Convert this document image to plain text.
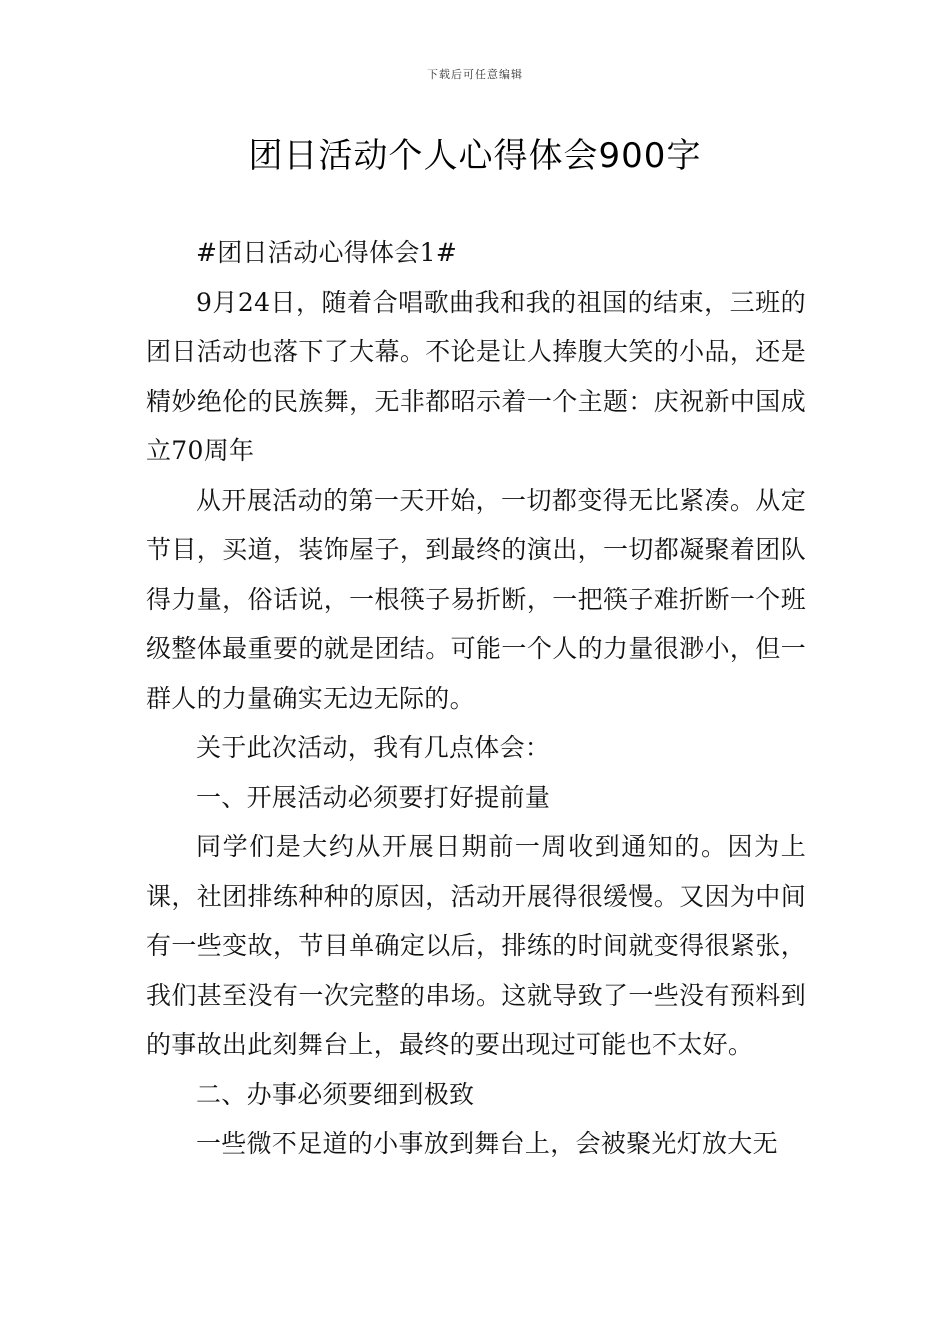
下载后可任意编辑
团日活动个人心得体会900字

#团日活动心得体会1#

9月24日，随着合唱歌曲我和我的祖国的结束，三班的团日活动也落下了大幕。不论是让人捧腹大笑的小品，还是精妙绝伦的民族舞，无非都昭示着一个主题：庆祝新中国成立70周年

从开展活动的第一天开始，一切都变得无比紧凑。从定节目，买道，装饰屋子，到最终的演出，一切都凝聚着团队得力量，俗话说，一根筷子易折断，一把筷子难折断一个班级整体最重要的就是团结。可能一个人的力量很渺小，但一群人的力量确实无边无际的。

关于此次活动，我有几点体会：

一、开展活动必须要打好提前量

同学们是大约从开展日期前一周收到通知的。因为上课，社团排练种种的原因，活动开展得很缓慢。又因为中间有一些变故，节目单确定以后，排练的时间就变得很紧张，我们甚至没有一次完整的串场。这就导致了一些没有预料到的事故出此刻舞台上，最终的要出现过可能也不太好。

二、办事必须要细到极致

一些微不足道的小事放到舞台上，会被聚光灯放大无
